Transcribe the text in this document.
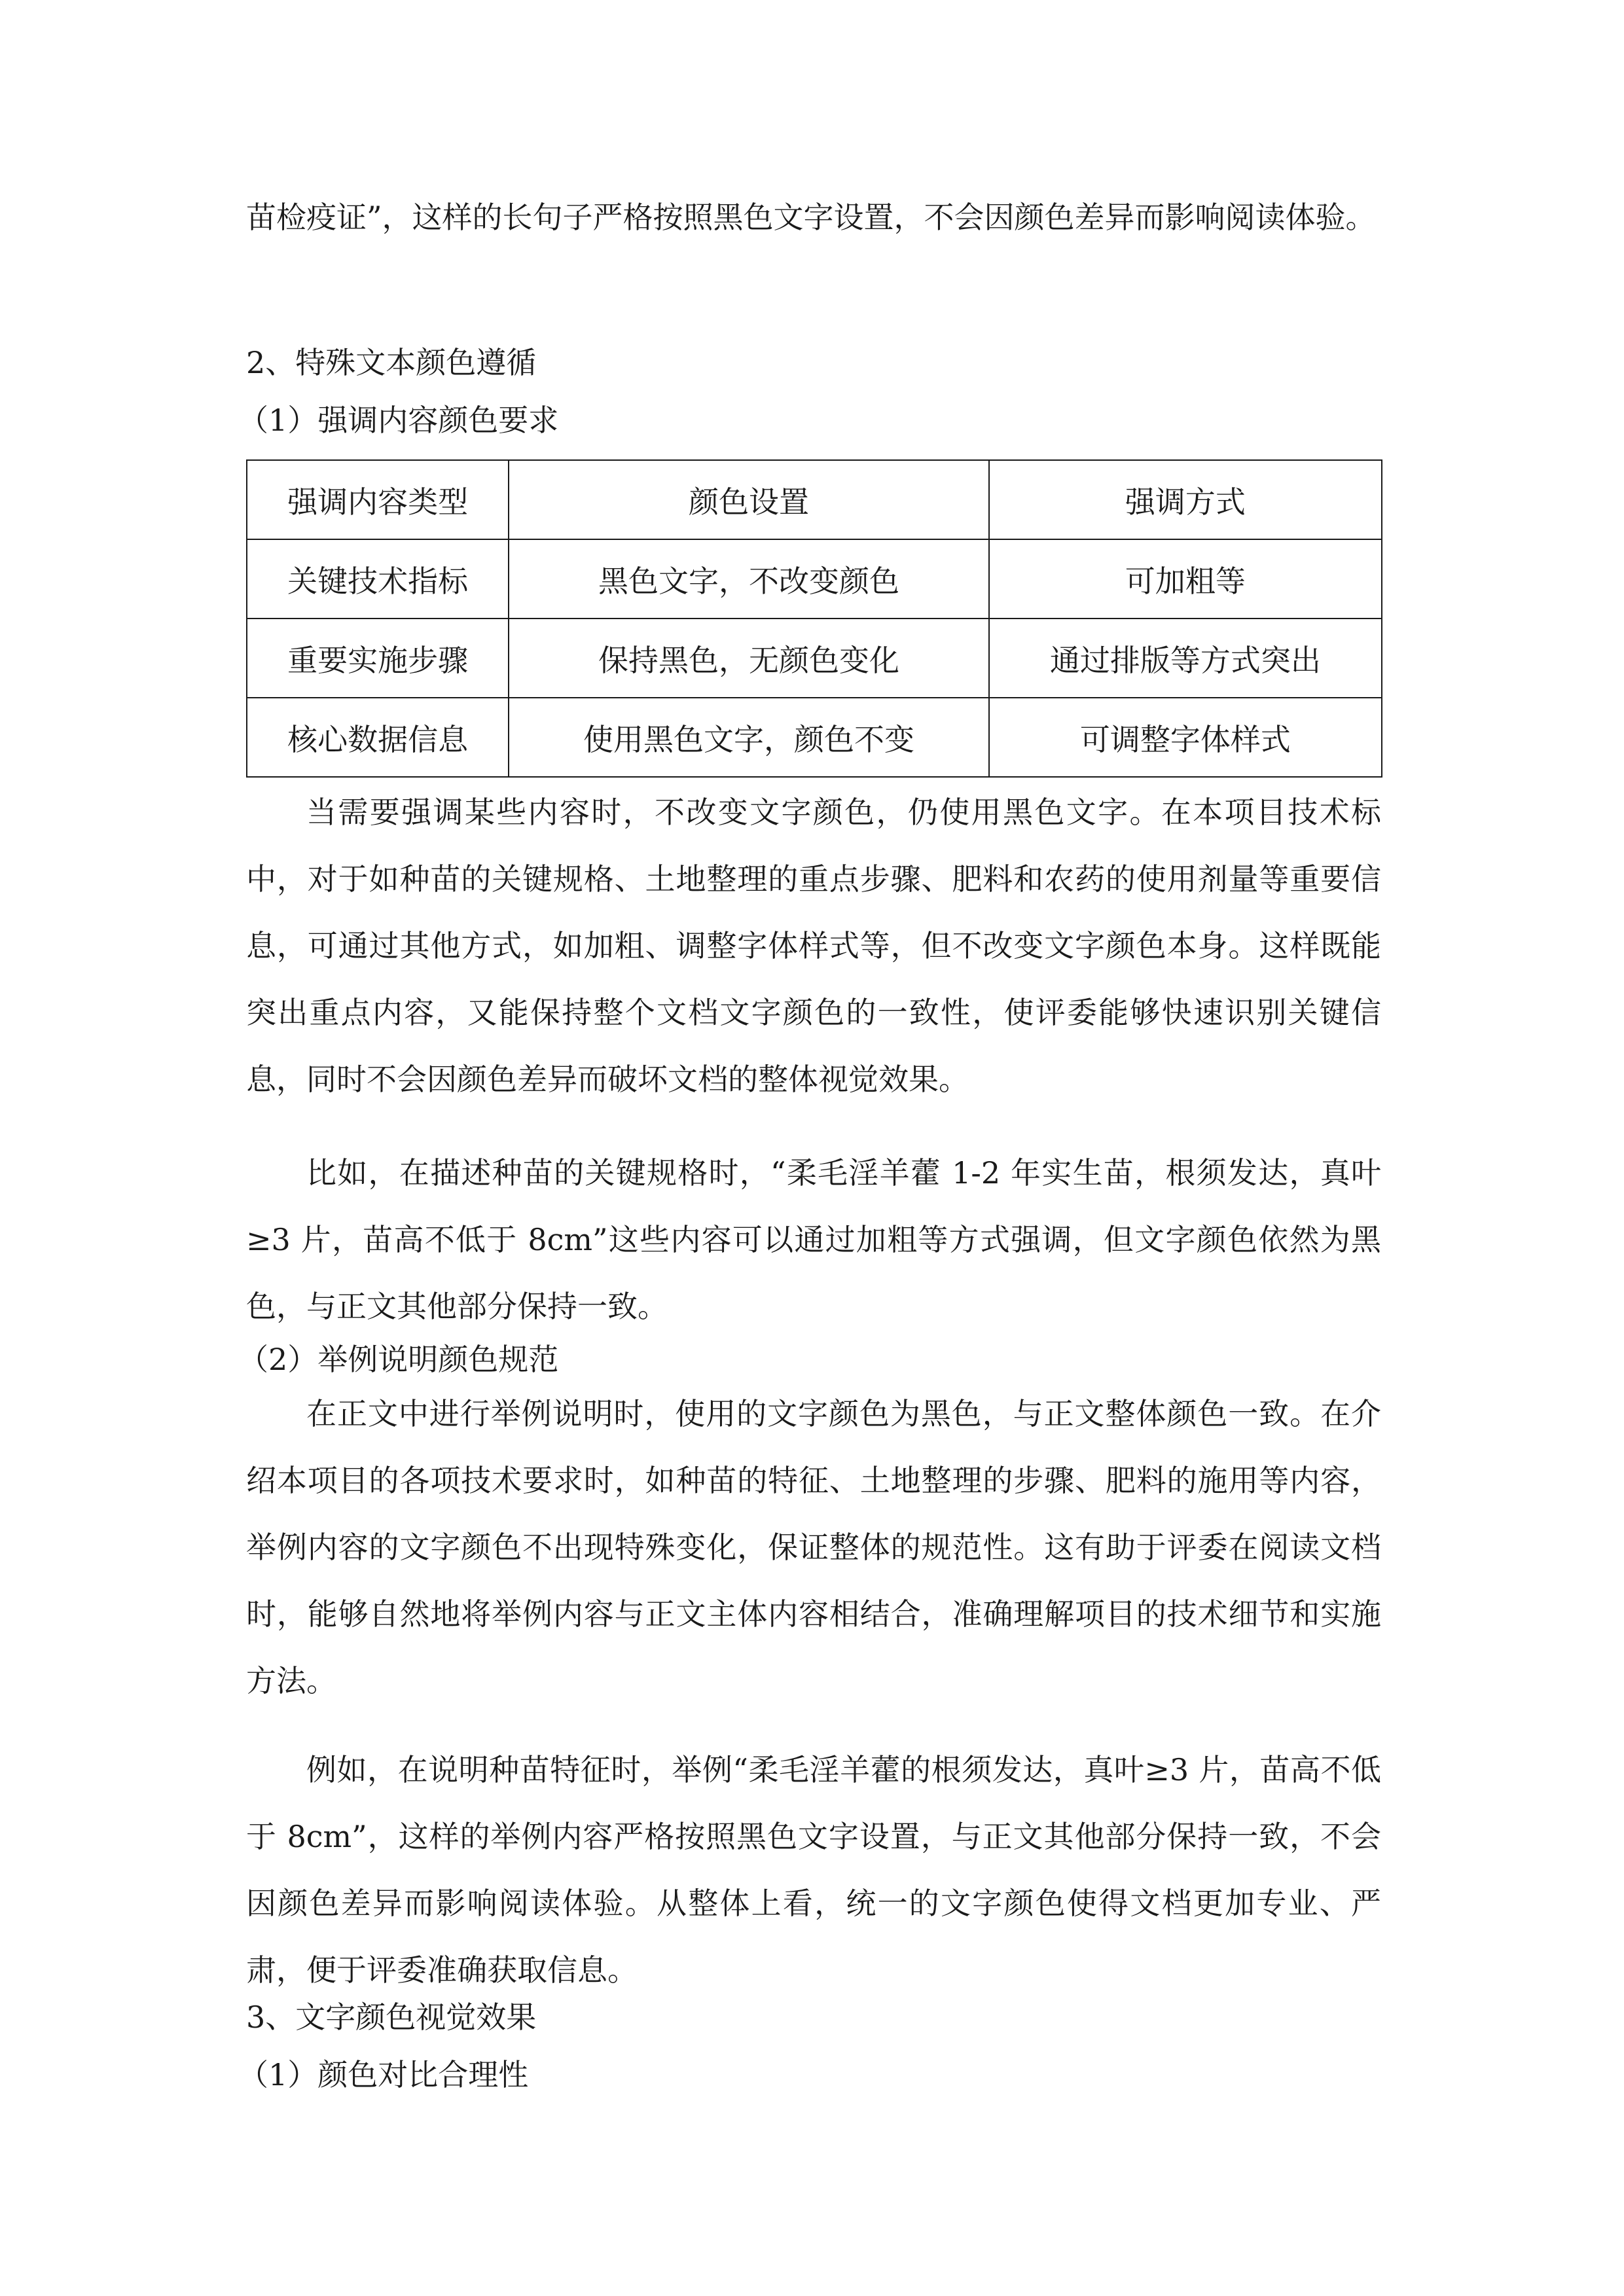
苗检疫证”，这样的长句子严格按照黑色文字设置，不会因颜色差异而影响阅读体验。

2、特殊文本颜色遵循

（1）强调内容颜色要求

强调内容类型	颜色设置	强调方式
关键技术指标	黑色文字，不改变颜色	可加粗等
重要实施步骤	保持黑色，无颜色变化	通过排版等方式突出
核心数据信息	使用黑色文字，颜色不变	可调整字体样式

当需要强调某些内容时，不改变文字颜色，仍使用黑色文字。在本项目技术标中，对于如种苗的关键规格、土地整理的重点步骤、肥料和农药的使用剂量等重要信息，可通过其他方式，如加粗、调整字体样式等，但不改变文字颜色本身。这样既能突出重点内容，又能保持整个文档文字颜色的一致性，使评委能够快速识别关键信息，同时不会因颜色差异而破坏文档的整体视觉效果。

比如，在描述种苗的关键规格时，“柔毛淫羊藿 1-2 年实生苗，根须发达，真叶≥3 片，苗高不低于 8cm”这些内容可以通过加粗等方式强调，但文字颜色依然为黑色，与正文其他部分保持一致。

（2）举例说明颜色规范

在正文中进行举例说明时，使用的文字颜色为黑色，与正文整体颜色一致。在介绍本项目的各项技术要求时，如种苗的特征、土地整理的步骤、肥料的施用等内容，举例内容的文字颜色不出现特殊变化，保证整体的规范性。这有助于评委在阅读文档时，能够自然地将举例内容与正文主体内容相结合，准确理解项目的技术细节和实施方法。

例如，在说明种苗特征时，举例“柔毛淫羊藿的根须发达，真叶≥3 片，苗高不低于 8cm”，这样的举例内容严格按照黑色文字设置，与正文其他部分保持一致，不会因颜色差异而影响阅读体验。从整体上看，统一的文字颜色使得文档更加专业、严肃，便于评委准确获取信息。

3、文字颜色视觉效果

（1）颜色对比合理性
